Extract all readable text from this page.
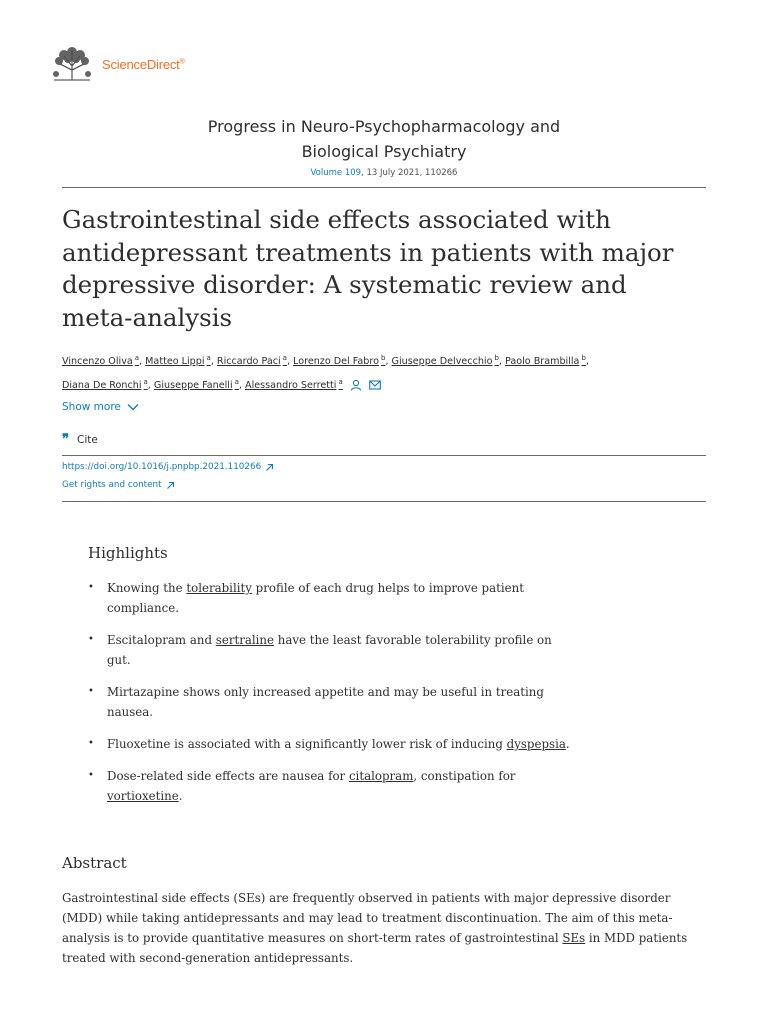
ScienceDirect®
Progress in Neuro-Psychopharmacology and Biological Psychiatry
Volume 109, 13 July 2021, 110266
Gastrointestinal side effects associated with antidepressant treatments in patients with major depressive disorder: A systematic review and meta-analysis
Vincenzo Oliva $^a$, Matteo Lippi $^a$, Riccardo Paci $^a$, Lorenzo Del Fabro $^b$, Giuseppe Delvecchio $^b$, Paolo Brambilla $^b$,
Diana De Ronchi $^a$, Giuseppe Fanelli $^a$, Alessandro Serretti $^a$
Show more
❞ Cite
https://doi.org/10.1016/j.pnpbp.2021.110266
Get rights and content
Highlights
• Knowing the tolerability profile of each drug helps to improve patient compliance.
• Escitalopram and sertraline have the least favorable tolerability profile on gut.
• Mirtazapine shows only increased appetite and may be useful in treating nausea.
• Fluoxetine is associated with a significantly lower risk of inducing dyspepsia.
• Dose-related side effects are nausea for citalopram, constipation for vortioxetine.
Abstract

Gastrointestinal side effects (SEs) are frequently observed in patients with major depressive disorder (MDD) while taking antidepressants and may lead to treatment discontinuation. The aim of this meta-analysis is to provide quantitative measures on short-term rates of gastrointestinal SEs in MDD patients treated with second-generation antidepressants.
